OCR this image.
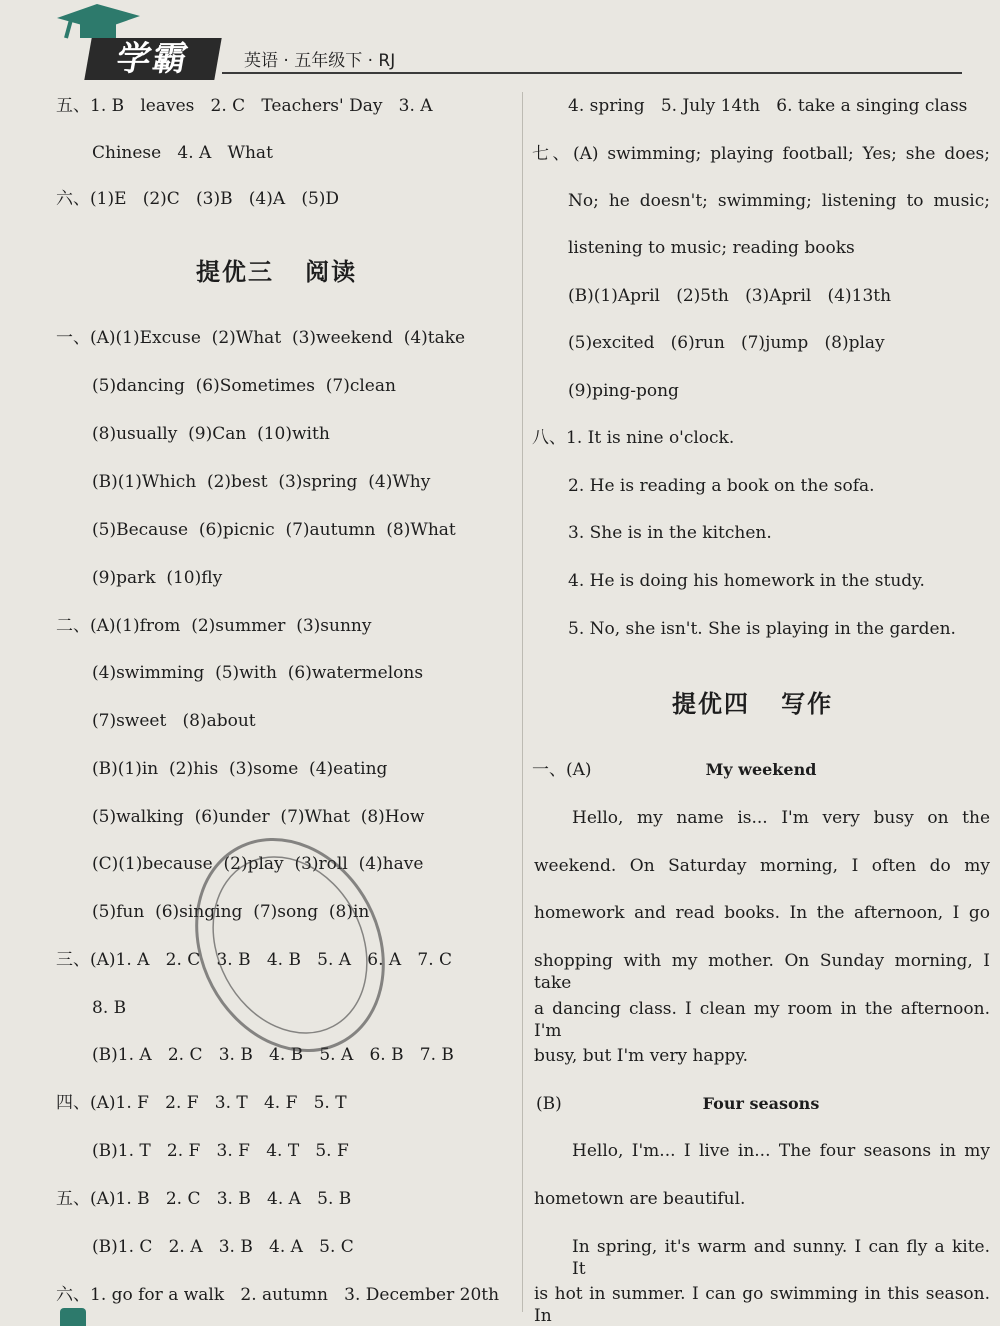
学霸	英语 · 五年级下 · RJ
五、1. B   leaves   2. C   Teachers' Day   3. A
Chinese   4. A   What
六、(1)E   (2)C   (3)B   (4)A   (5)D
提优三   阅读
一、(A)(1)Excuse  (2)What  (3)weekend  (4)take
(5)dancing  (6)Sometimes  (7)clean
(8)usually  (9)Can  (10)with
(B)(1)Which  (2)best  (3)spring  (4)Why
(5)Because  (6)picnic  (7)autumn  (8)What
(9)park  (10)fly
二、(A)(1)from  (2)summer  (3)sunny
(4)swimming  (5)with  (6)watermelons
(7)sweet   (8)about
(B)(1)in  (2)his  (3)some  (4)eating
(5)walking  (6)under  (7)What  (8)How
(C)(1)because  (2)play  (3)roll  (4)have
(5)fun  (6)singing  (7)song  (8)in
三、(A)1. A   2. C   3. B   4. B   5. A   6. A   7. C
8. B
(B)1. A   2. C   3. B   4. B   5. A   6. B   7. B
四、(A)1. F   2. F   3. T   4. F   5. T
(B)1. T   2. F   3. F   4. T   5. F
五、(A)1. B   2. C   3. B   4. A   5. B
(B)1. C   2. A   3. B   4. A   5. C
六、1. go for a walk   2. autumn   3. December 20th
4. spring   5. July 14th   6. take a singing class
七、(A) swimming; playing football; Yes; she does;
No; he doesn't; swimming; listening to music;
listening to music; reading books
(B)(1)April   (2)5th   (3)April   (4)13th
(5)excited   (6)run   (7)jump   (8)play
(9)ping-pong
八、1. It is nine o'clock.
2. He is reading a book on the sofa.
3. She is in the kitchen.
4. He is doing his homework in the study.
5. No, she isn't. She is playing in the garden.
提优四   写作
一、(A)	My weekend
Hello, my name is... I'm very busy on the
weekend. On Saturday morning, I often do my
homework and read books. In the afternoon, I go
shopping with my mother. On Sunday morning, I take
a dancing class. I clean my room in the afternoon. I'm
busy, but I'm very happy.
(B)	Four seasons
Hello, I'm... I live in... The four seasons in my
hometown are beautiful.
In spring, it's warm and sunny. I can fly a kite. It
is hot in summer. I can go swimming in this season. In
